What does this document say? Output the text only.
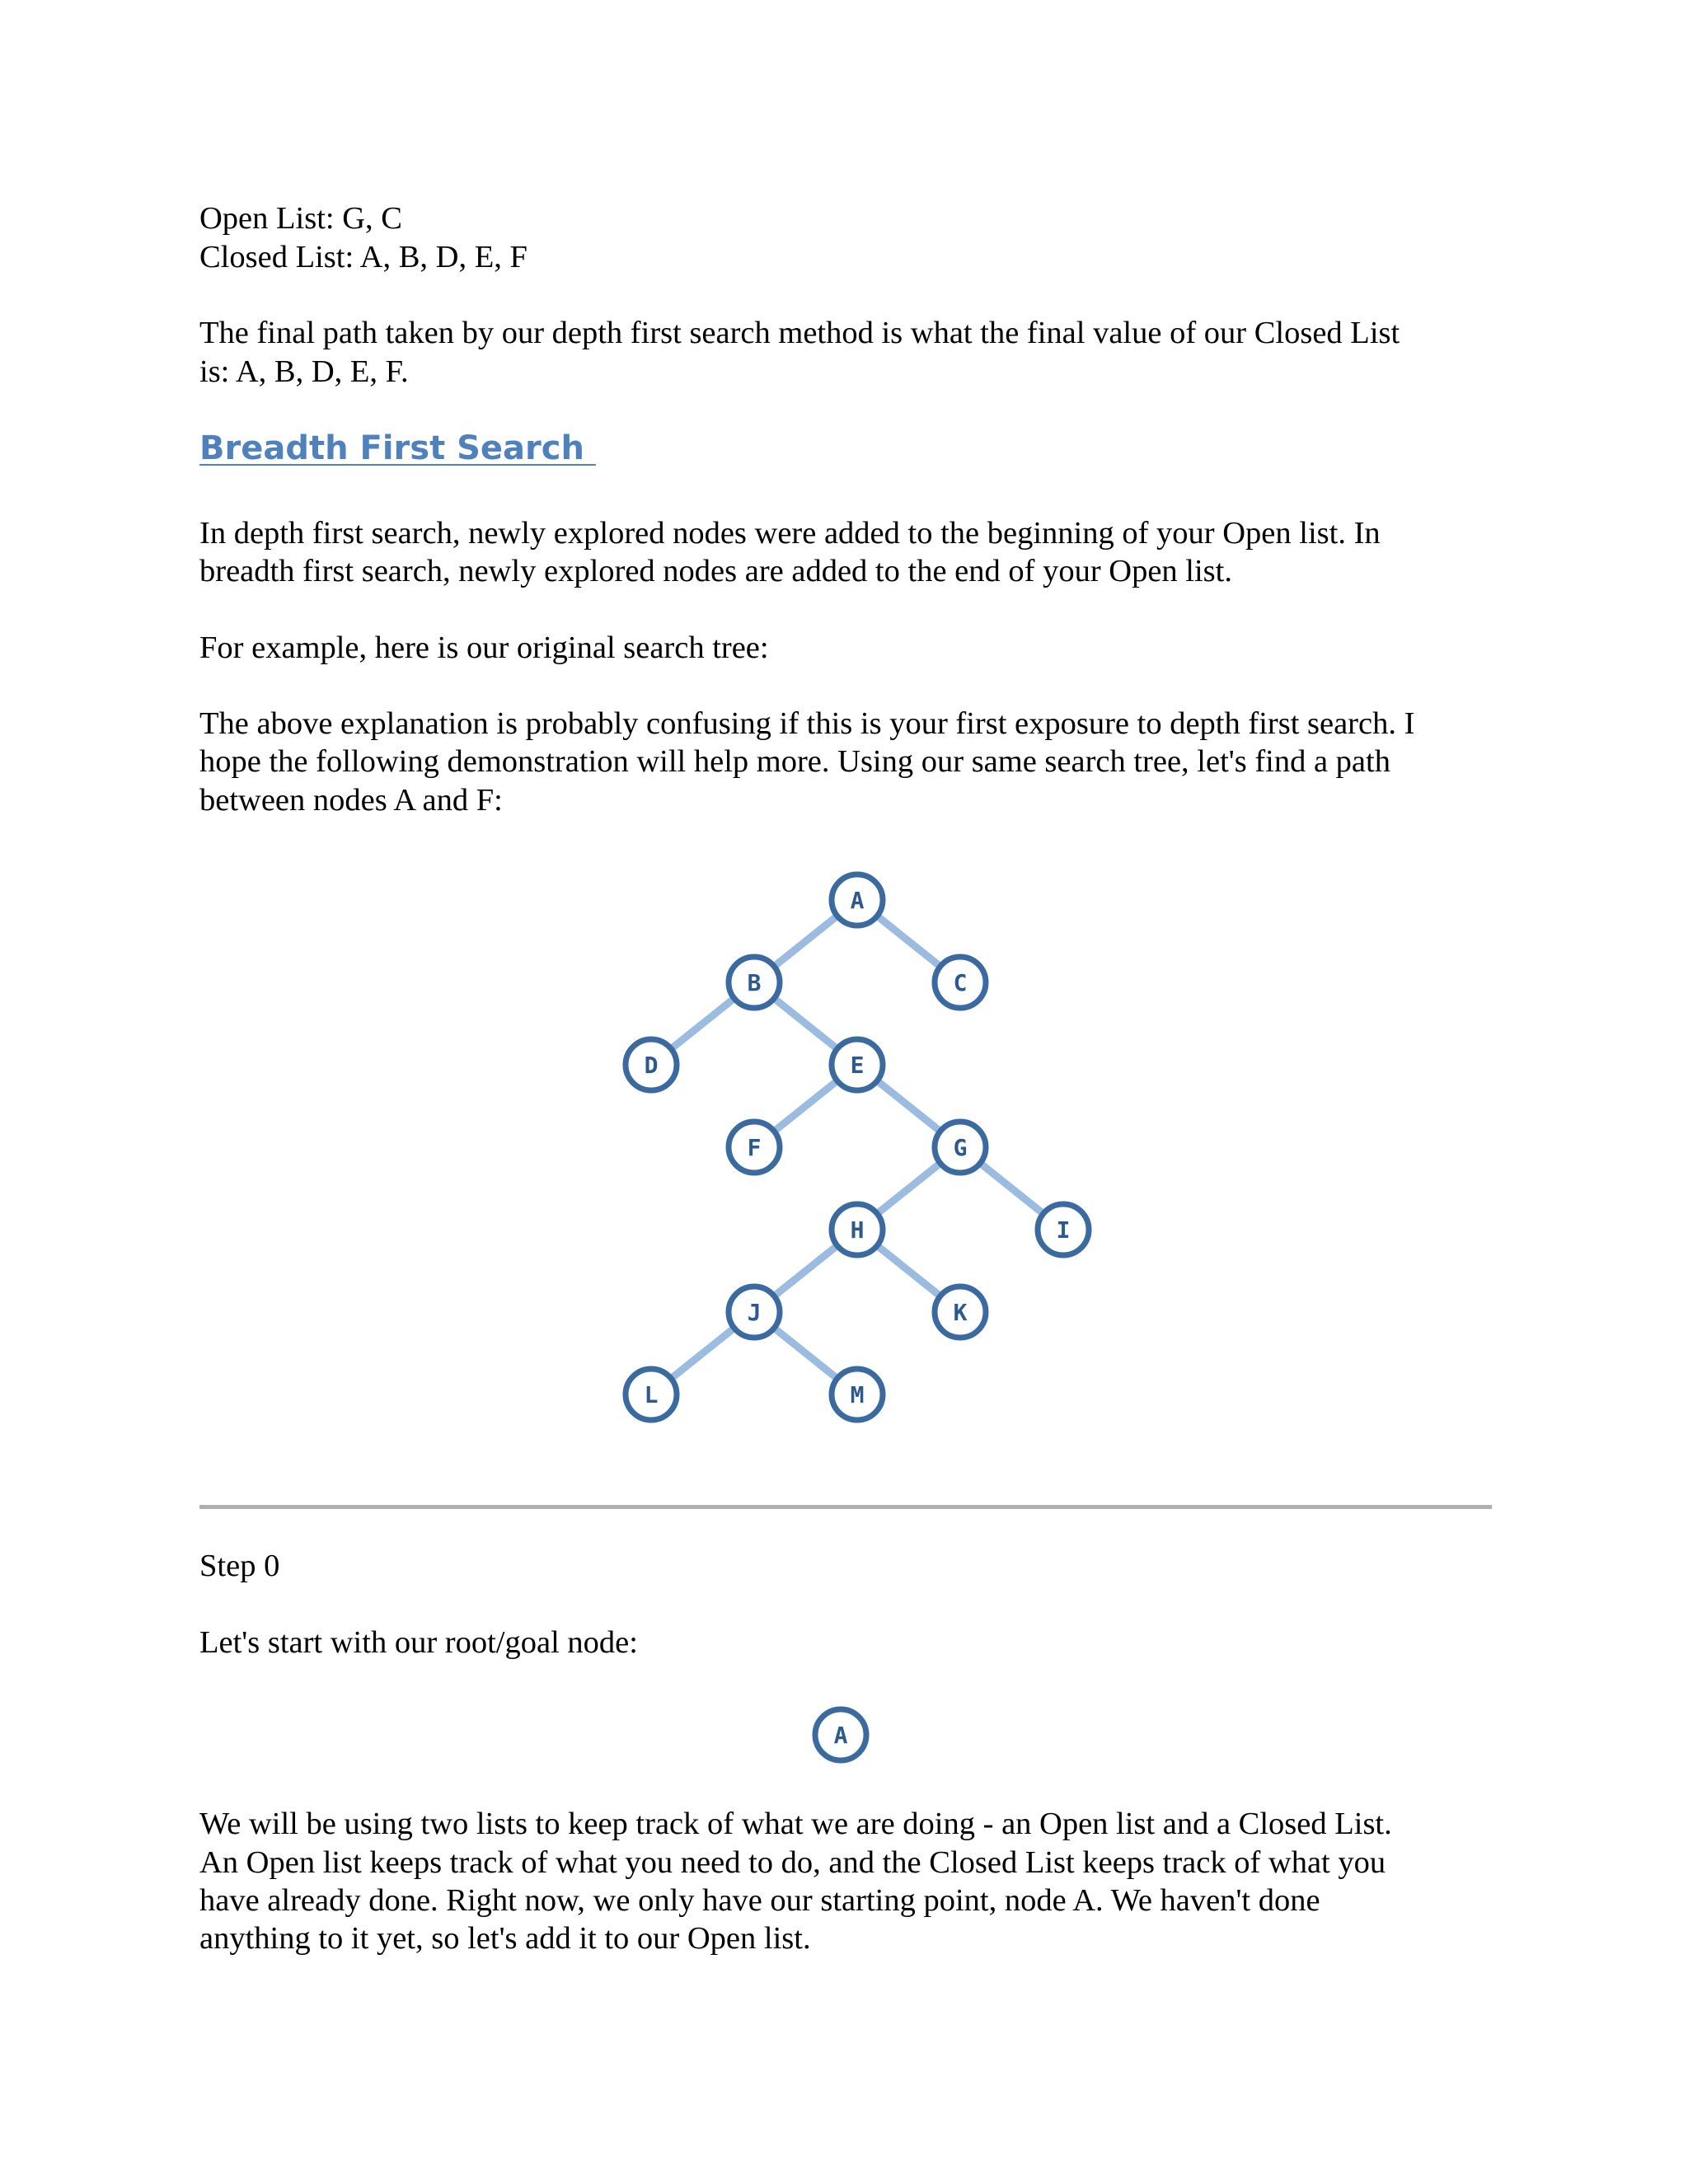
Open List: G, C

Closed List: A, B, D, E, F

The final path taken by our depth first search method is what the final value of our Closed List

is: A, B, D, E, F.

Breadth First Search

In depth first search, newly explored nodes were added to the beginning of your Open list. In

breadth first search, newly explored nodes are added to the end of your Open list.

For example, here is our original search tree:

The above explanation is probably confusing if this is your first exposure to depth first search. I

hope the following demonstration will help more. Using our same search tree, let's find a path

between nodes A and F:

A
B	C
D	E
F	G
H	I
J	K
L	M

Step 0

Let's start with our root/goal node:

A

We will be using two lists to keep track of what we are doing - an Open list and a Closed List.

An Open list keeps track of what you need to do, and the Closed List keeps track of what you

have already done. Right now, we only have our starting point, node A. We haven't done

anything to it yet, so let's add it to our Open list.
